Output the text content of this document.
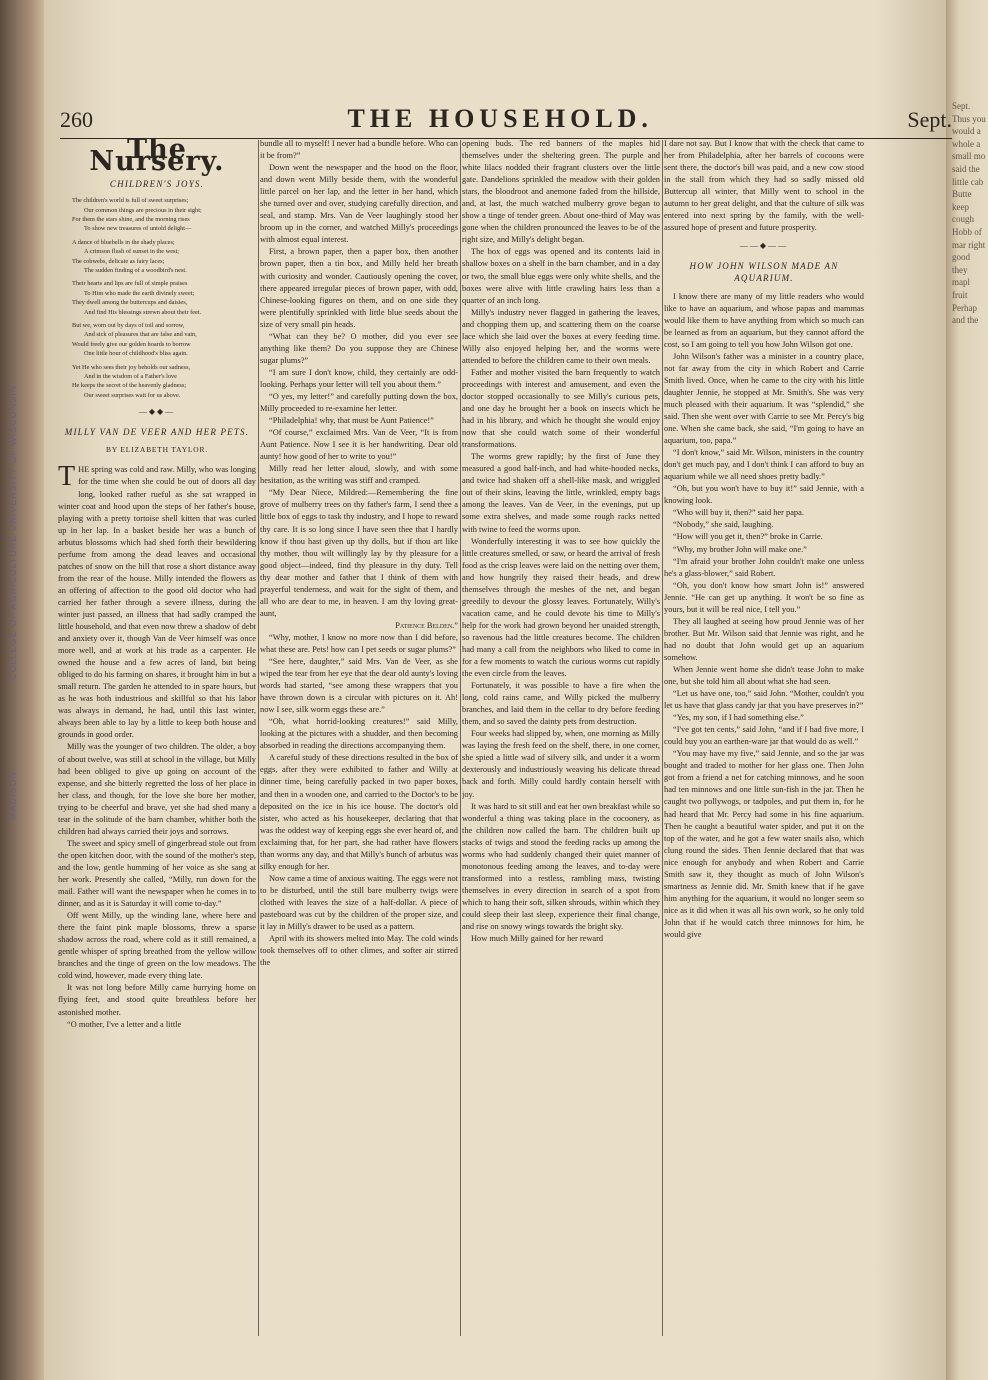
COLLEGE OF AGRICULTURE UNIVERSITY OF WISCONSIN
MADISON
Sept. Thus you would a whole a small mo said the little cab Butte keep cough Hobb of mar right good they mapl fruit Perhap and the
260	THE HOUSEHOLD.	Sept.
The Nursery.
CHILDREN'S JOYS.
The children's world is full of sweet surprises;
Our common things are precious in their sight;
For them the stars shine, and the morning rises
To show new treasures of untold delight—
A dance of bluebells in the shady places;
A crimson flush of sunset in the west;
The cobwebs, delicate as fairy laces;
The sudden finding of a woodbird's nest.
Their hearts and lips are full of simple praises
To Him who made the earth divinely sweet;
They dwell among the buttercups and daisies,
And find His blessings strewn about their feet.
But we, worn out by days of toil and sorrow,
And sick of pleasures that are false and vain,
Would freely give our golden hoards to borrow
One little hour of childhood's bliss again.
Yet He who sees their joy beholds our sadness,
And in the wisdom of a Father's love
He keeps the secret of the heavenly gladness;
Our sweet surprises wait for us above.
—◆◆—
MILLY VAN DE VEER AND HER PETS.
BY ELIZABETH TAYLOR.

THE spring was cold and raw. Milly, who was longing for the time when she could be out of doors all day long, looked rather rueful as she sat wrapped in winter coat and hood upon the steps of her father's house, playing with a pretty tortoise shell kitten that was curled up in her lap. In a basket beside her was a bunch of arbutus blossoms which had shed forth their bewildering perfume from among the dead leaves and occasional patches of snow on the hill that rose a short distance away from the rear of the house. Milly intended the flowers as an offering of affection to the good old doctor who had carried her father through a severe illness, during the winter just passed, an illness that had sadly cramped the little household, and that even now threw a shadow of debt and anxiety over it, though Van de Veer himself was once more well, and at work at his trade as a carpenter. He owned the house and a few acres of land, but being obliged to do his farming on shares, it brought him in but a small return. The garden he attended to in spare hours, but as he was both industrious and skillful so that his labor was always in demand, he had, until this last winter, always been able to lay by a little to keep both house and grounds in good order.

Milly was the younger of two children. The older, a boy of about twelve, was still at school in the village, but Milly had been obliged to give up going on account of the expense, and she bitterly regretted the loss of her place in her class, and though, for the love she bore her mother, trying to be cheerful and brave, yet she had shed many a tear in the solitude of the barn chamber, whither both the children had always carried their joys and sorrows.

The sweet and spicy smell of gingerbread stole out from the open kitchen door, with the sound of the mother's step, and the low, gentle humming of her voice as she sang at her work. Presently she called, “Milly, run down for the mail. Father will want the newspaper when he comes in to dinner, and as it is Saturday it will come to-day.”

Off went Milly, up the winding lane, where here and there the faint pink maple blossoms, threw a sparse shadow across the road, where cold as it still remained, a gentle whisper of spring breathed from the yellow willow branches and the tinge of green on the low meadows. The cold wind, however, made every thing late.

It was not long before Milly came hurrying home on flying feet, and stood quite breathless before her astonished mother.

“O mother, I've a letter and a little

bundle all to myself! I never had a bundle before. Who can it be from?”

Down went the newspaper and the hood on the floor, and down went Milly beside them, with the wonderful little parcel on her lap, and the letter in her hand, which she turned over and over, studying carefully direction, and seal, and stamp. Mrs. Van de Veer laughingly stood her broom up in the corner, and watched Milly's proceedings with almost equal interest.

First, a brown paper, then a paper box, then another brown paper, then a tin box, and Milly held her breath with curiosity and wonder. Cautiously opening the cover, there appeared irregular pieces of brown paper, with odd, Chinese-looking figures on them, and on one side they were plentifully sprinkled with little blue seeds about the size of very small pin heads.

“What can they be? O mother, did you ever see anything like them? Do you suppose they are Chinese sugar plums?”

“I am sure I don't know, child, they certainly are odd-looking. Perhaps your letter will tell you about them.”

“O yes, my letter!” and carefully putting down the box, Milly proceeded to re-examine her letter.

“Philadelphia! why, that must be Aunt Patience!”

“Of course,” exclaimed Mrs. Van de Veer, “It is from Aunt Patience. Now I see it is her handwriting. Dear old aunty! how good of her to write to you!”

Milly read her letter aloud, slowly, and with some hesitation, as the writing was stiff and cramped.

“My Dear Niece, Mildred:—Remembering the fine grove of mulberry trees on thy father's farm, I send thee a little box of eggs to task thy industry, and I hope to reward thy care. It is so long since I have seen thee that I hardly know if thou hast given up thy dolls, but if thou art like thy mother, thou wilt willingly lay by thy pleasure for a good object—indeed, find thy pleasure in thy duty. Tell thy dear mother and father that I think of them with prayerful tenderness, and wait for the sight of them, and all who are dear to me, in heaven. I am thy loving great-aunt,

Patience Belden.”

“Why, mother, I know no more now than I did before, what these are. Pets! how can I pet seeds or sugar plums?”

“See here, daughter,” said Mrs. Van de Veer, as she wiped the tear from her eye that the dear old aunty's loving words had started, “see among these wrappers that you have thrown down is a circular with pictures on it. Ah! now I see, silk worm eggs these are.”

“Oh, what horrid-looking creatures!” said Milly, looking at the pictures with a shudder, and then becoming absorbed in reading the directions accompanying them.

A careful study of these directions resulted in the box of eggs, after they were exhibited to father and Willy at dinner time, being carefully packed in two paper boxes, and then in a wooden one, and carried to the Doctor's to be deposited on the ice in his ice house. The doctor's old sister, who acted as his housekeeper, declaring that that was the oddest way of keeping eggs she ever heard of, and exclaiming that, for her part, she had rather have flowers than worms any day, and that Milly's bunch of arbutus was silky enough for her.

Now came a time of anxious waiting. The eggs were not to be disturbed, until the still bare mulberry twigs were clothed with leaves the size of a half-dollar. A piece of pasteboard was cut by the children of the proper size, and it lay in Milly's drawer to be used as a pattern.

April with its showers melted into May. The cold winds took themselves off to other climes, and softer air stirred the

opening buds. The red banners of the maples hid themselves under the sheltering green. The purple and white lilacs nodded their fragrant clusters over the little gate. Dandelions sprinkled the meadow with their golden stars, the bloodroot and anemone faded from the hillside, and, at last, the much watched mulberry grove began to show a tinge of tender green. About one-third of May was gone when the children pronounced the leaves to be of the right size, and Milly's delight began.

The box of eggs was opened and its contents laid in shallow boxes on a shelf in the barn chamber, and in a day or two, the small blue eggs were only white shells, and the boxes were alive with little crawling hairs less than a quarter of an inch long.

Milly's industry never flagged in gathering the leaves, and chopping them up, and scattering them on the coarse lace which she laid over the boxes at every feeding time. Willy also enjoyed helping her, and the worms were attended to before the children came to their own meals.

Father and mother visited the barn frequently to watch proceedings with interest and amusement, and even the doctor stopped occasionally to see Milly's curious pets, and one day he brought her a book on insects which he had in his library, and which he thought she would enjoy now that she could watch some of their wonderful transformations.

The worms grew rapidly; by the first of June they measured a good half-inch, and had white-hooded necks, and twice had shaken off a shell-like mask, and wriggled out of their skins, leaving the little, wrinkled, empty bags among the leaves. Van de Veer, in the evenings, put up some extra shelves, and made some rough racks netted with twine to feed the worms upon.

Wonderfully interesting it was to see how quickly the little creatures smelled, or saw, or heard the arrival of fresh food as the crisp leaves were laid on the netting over them, and how hungrily they raised their heads, and drew themselves through the meshes of the net, and began greedily to devour the glossy leaves. Fortunately, Willy's vacation came, and he could devote his time to Milly's help for the work had grown beyond her unaided strength, so ravenous had the little creatures become. The children had many a call from the neighbors who liked to come in for a few moments to watch the curious worms cut rapidly the even circle from the leaves.

Fortunately, it was possible to have a fire when the long, cold rains came, and Willy picked the mulberry branches, and laid them in the cellar to dry before feeding them, and so saved the dainty pets from destruction.

Four weeks had slipped by, when, one morning as Milly was laying the fresh feed on the shelf, there, in one corner, she spied a little wad of silvery silk, and under it a worm dexterously and industriously weaving his delicate thread back and forth. Milly could hardly contain herself with joy.

It was hard to sit still and eat her own breakfast while so wonderful a thing was taking place in the cocoonery, as the children now called the barn. The children built up stacks of twigs and stood the feeding racks up among the worms who had suddenly changed their quiet manner of monotonous feeding among the leaves, and to-day were transformed into a restless, rambling mass, twisting themselves in every direction in search of a spot from which to hang their soft, silken shrouds, within which they could sleep their last sleep, experience their final change, and rise on snowy wings towards the bright sky.

How much Milly gained for her reward

I dare not say. But I know that with the check that came to her from Philadelphia, after her barrels of cocoons were sent there, the doctor's bill was paid, and a new cow stood in the stall from which they had so sadly missed old Buttercup all winter, that Milly went to school in the autumn to her great delight, and that the culture of silk was entered into next spring by the family, with the well-assured hope of present and future prosperity.

——◆——
HOW JOHN WILSON MADE AN AQUARIUM.

I know there are many of my little readers who would like to have an aquarium, and whose papas and mammas would like them to have anything from which so much can be learned as from an aquarium, but they cannot afford the cost, so I am going to tell you how John Wilson got one.

John Wilson's father was a minister in a country place, not far away from the city in which Robert and Carrie Smith lived. Once, when he came to the city with his little daughter Jennie, he stopped at Mr. Smith's. She was very much pleased with their aquarium. It was “splendid,” she said. Then she went over with Carrie to see Mr. Percy's big one. When she came back, she said, “I'm going to have an aquarium, too, papa.”

“I don't know,” said Mr. Wilson, ministers in the country don't get much pay, and I don't think I can afford to buy an aquarium while we all need shoes pretty badly.”

“Oh, but you won't have to buy it!” said Jennie, with a knowing look.

“Who will buy it, then?” said her papa.

“Nobody,” she said, laughing.

“How will you get it, then?” broke in Carrie.

“Why, my brother John will make one.”

“I'm afraid your brother John couldn't make one unless he's a glass-blower,” said Robert.

“Oh, you don't know how smart John is!” answered Jennie. “He can get up anything. It won't be so fine as yours, but it will be real nice, I tell you.”

They all laughed at seeing how proud Jennie was of her brother. But Mr. Wilson said that Jennie was right, and he had no doubt that John would get up an aquarium somehow.

When Jennie went home she didn't tease John to make one, but she told him all about what she had seen.

“Let us have one, too,” said John. “Mother, couldn't you let us have that glass candy jar that you have preserves in?”

“Yes, my son, if I had something else.”

“I've got ten cents,” said John, “and if I had five more, I could buy you an earthen-ware jar that would do as well.”

“You may have my five,” said Jennie, and so the jar was bought and traded to mother for her glass one. Then John got from a friend a net for catching minnows, and he soon had ten minnows and one little sun-fish in the jar. Then he caught two pollywogs, or tadpoles, and put them in, for he had heard that Mr. Percy had some in his fine aquarium. Then he caught a beautiful water spider, and put it on the top of the water, and he got a few water snails also, which clung round the sides. Then Jennie declared that that was nice enough for anybody and when Robert and Carrie Smith saw it, they thought as much of John Wilson's smartness as Jennie did. Mr. Smith knew that if he gave him anything for the aquarium, it would no longer seem so nice as it did when it was all his own work, so he only told John that if he would catch three minnows for him, he would give
